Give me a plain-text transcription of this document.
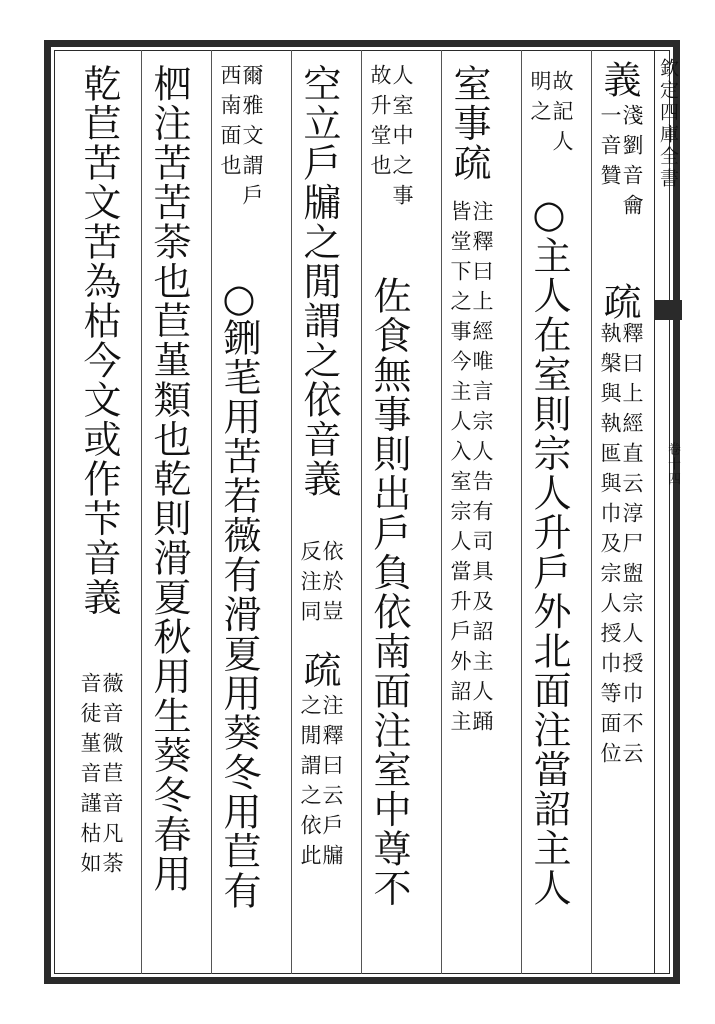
欽定四庫全書
卷十四
義
淺劉音龠
一音贊
疏
釋曰上經直云淳尸盥宗人授巾不云
執槃與執匜與巾及宗人授巾等面位
故記人
明之
○
主人在室則宗人升戶外北面注當詔主人
室事疏
注釋曰上經唯言宗人告有司具及詔主人踊
皆堂下之事今主人入室宗人當升戶外詔主
人室中之事
故升堂也
佐食無事則出戶負依南面注室中尊不
空立戶牖之閒謂之依音義
依於豈
反注同
疏
注釋曰云戶牖
之閒謂之依此
爾雅文謂戶
西南面也
○
鉶芼用苦若薇有滑夏用葵冬用苣有
柶注苦苦荼也苣堇類也乾則滑夏秋用生葵冬春用
乾苣苦文苦為枯今文或作芐音義
薇音微苣音凡荼
音徒堇音謹枯如
